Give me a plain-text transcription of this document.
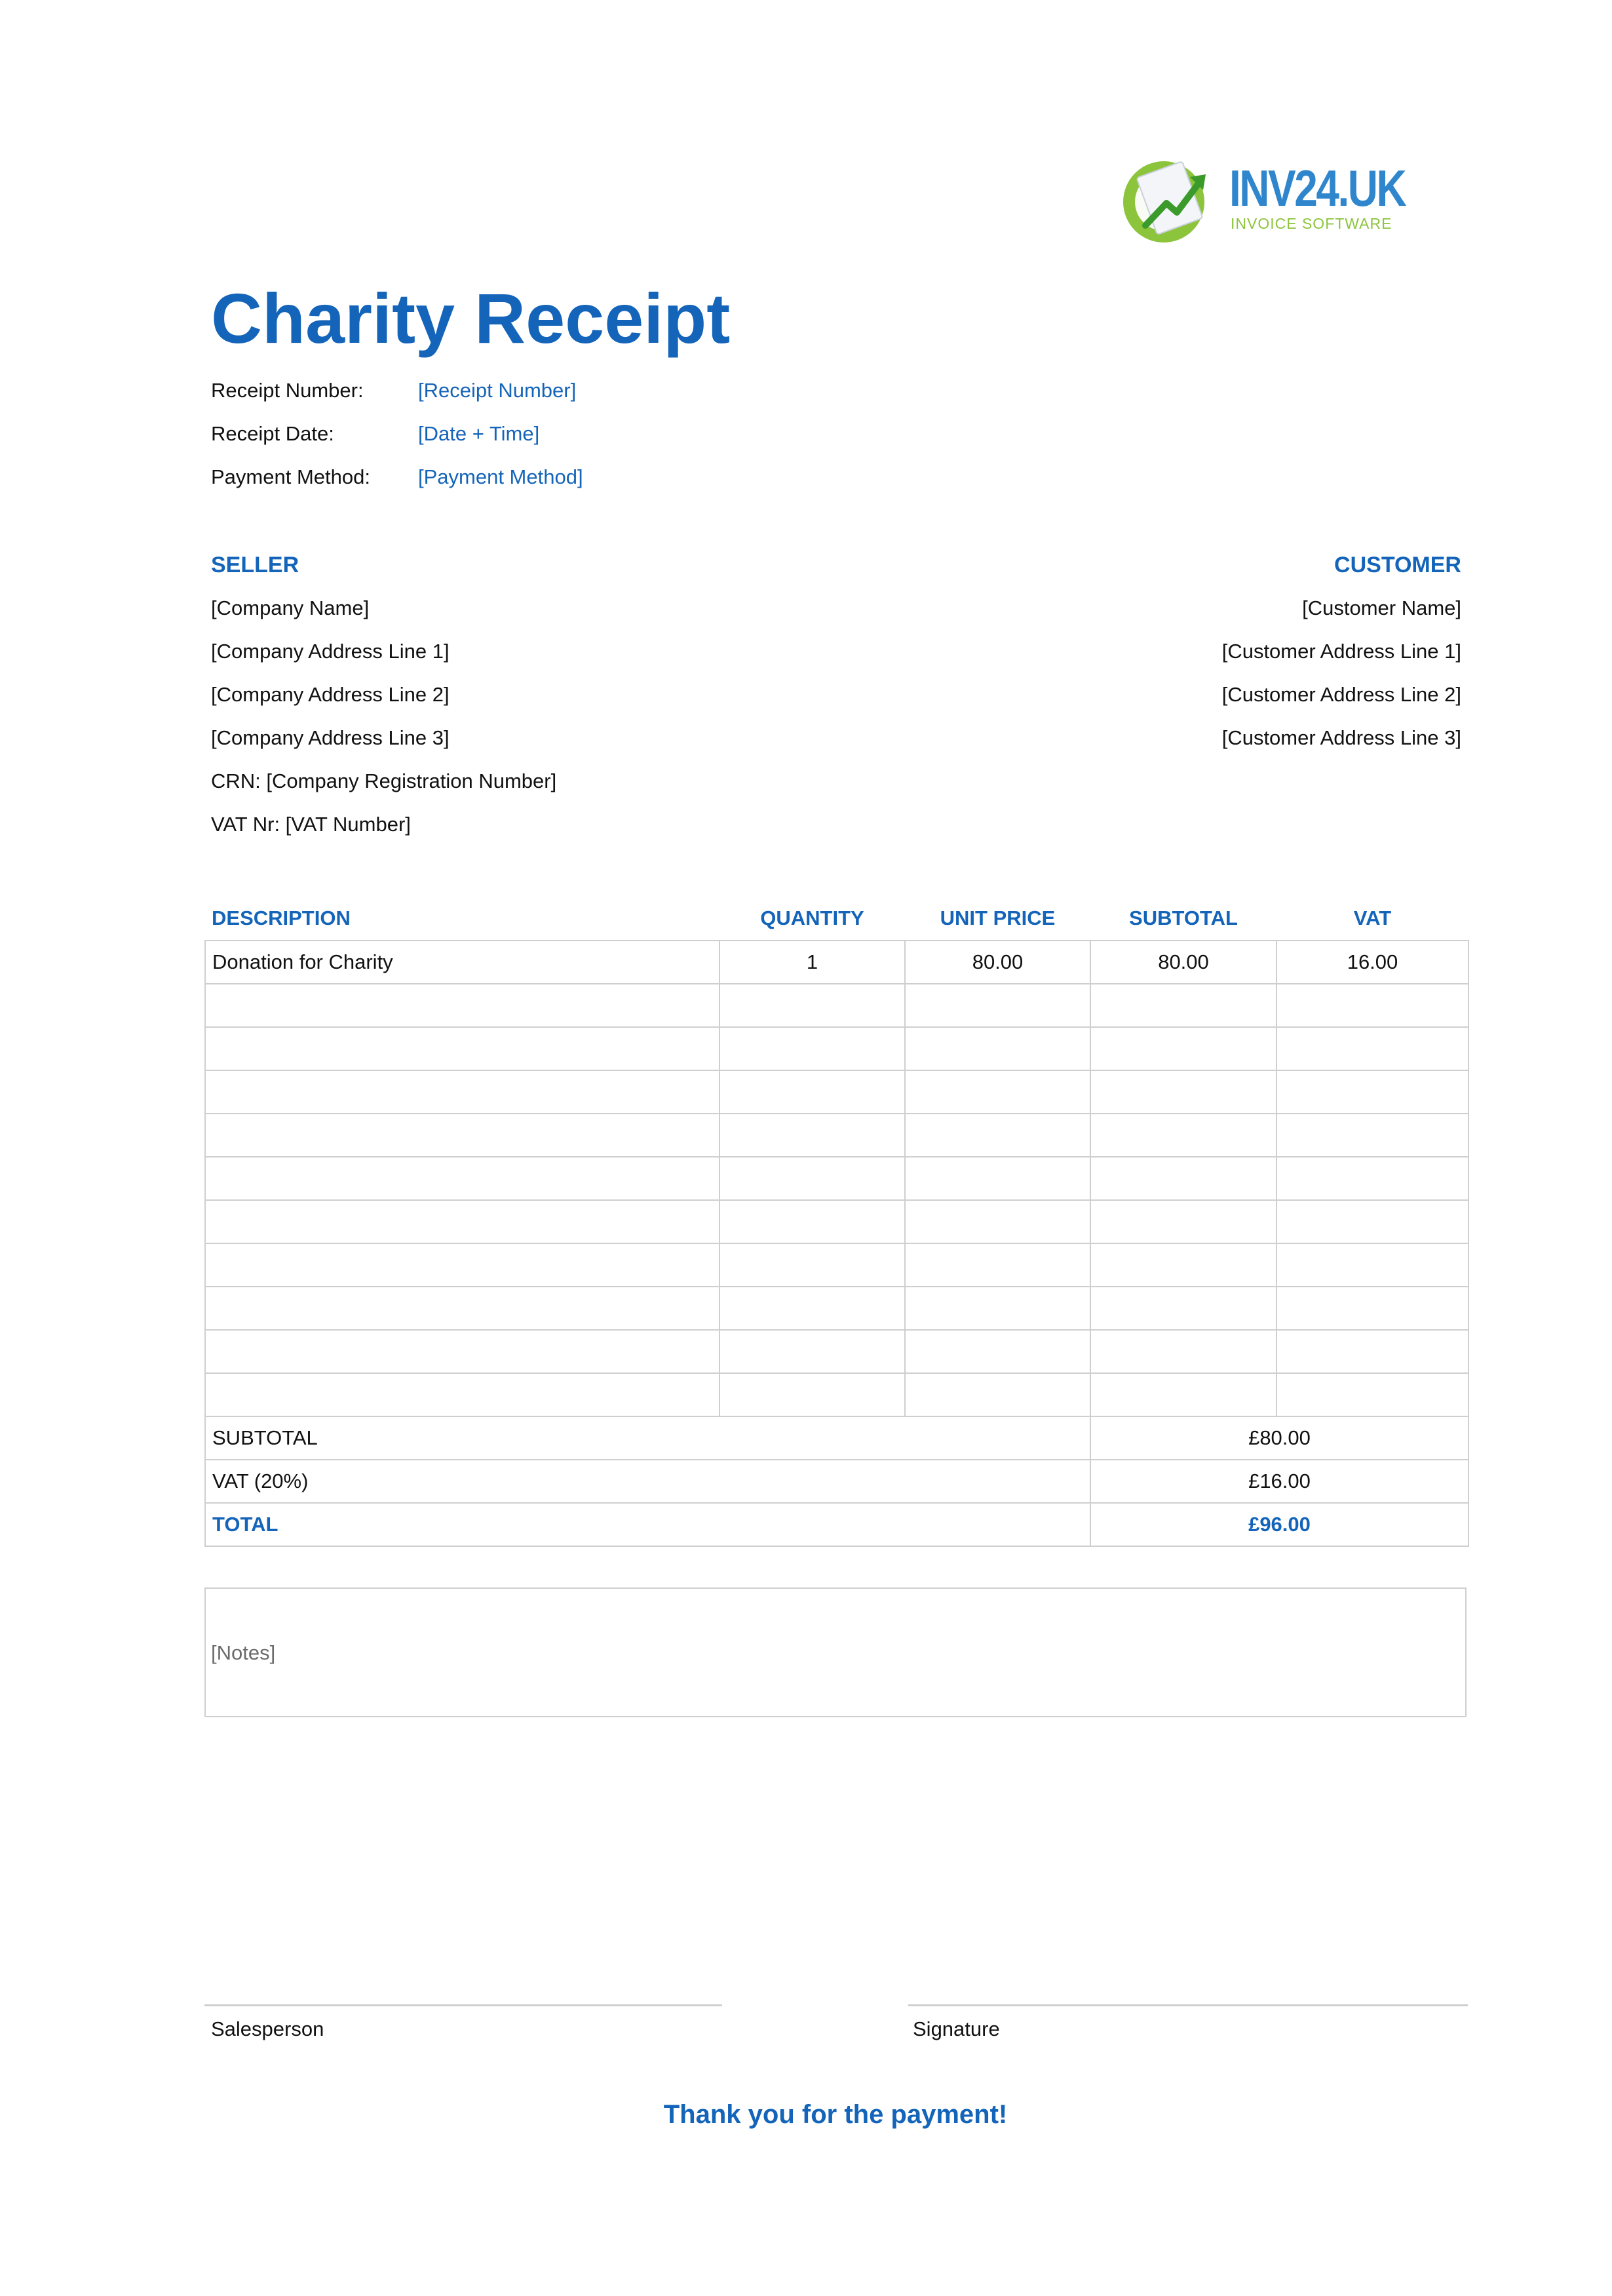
INV24.UK
INVOICE SOFTWARE
Charity Receipt
Receipt Number:	[Receipt Number]
Receipt Date:	[Date + Time]
Payment Method: [Payment Method]
SELLER
[Company Name]
[Company Address Line 1]
[Company Address Line 2]
[Company Address Line 3]
CRN: [Company Registration Number]
VAT Nr: [VAT Number]
CUSTOMER
[Customer Name]
[Customer Address Line 1]
[Customer Address Line 2]
[Customer Address Line 3]
DESCRIPTION	QUANTITY	UNIT PRICE	SUBTOTAL	VAT
Donation for Charity	1	80.00	80.00	16.00

SUBTOTAL			£80.00	
VAT (20%)			£16.00	
TOTAL			£96.00	
[Notes]
Salesperson	Signature
Thank you for the payment!
